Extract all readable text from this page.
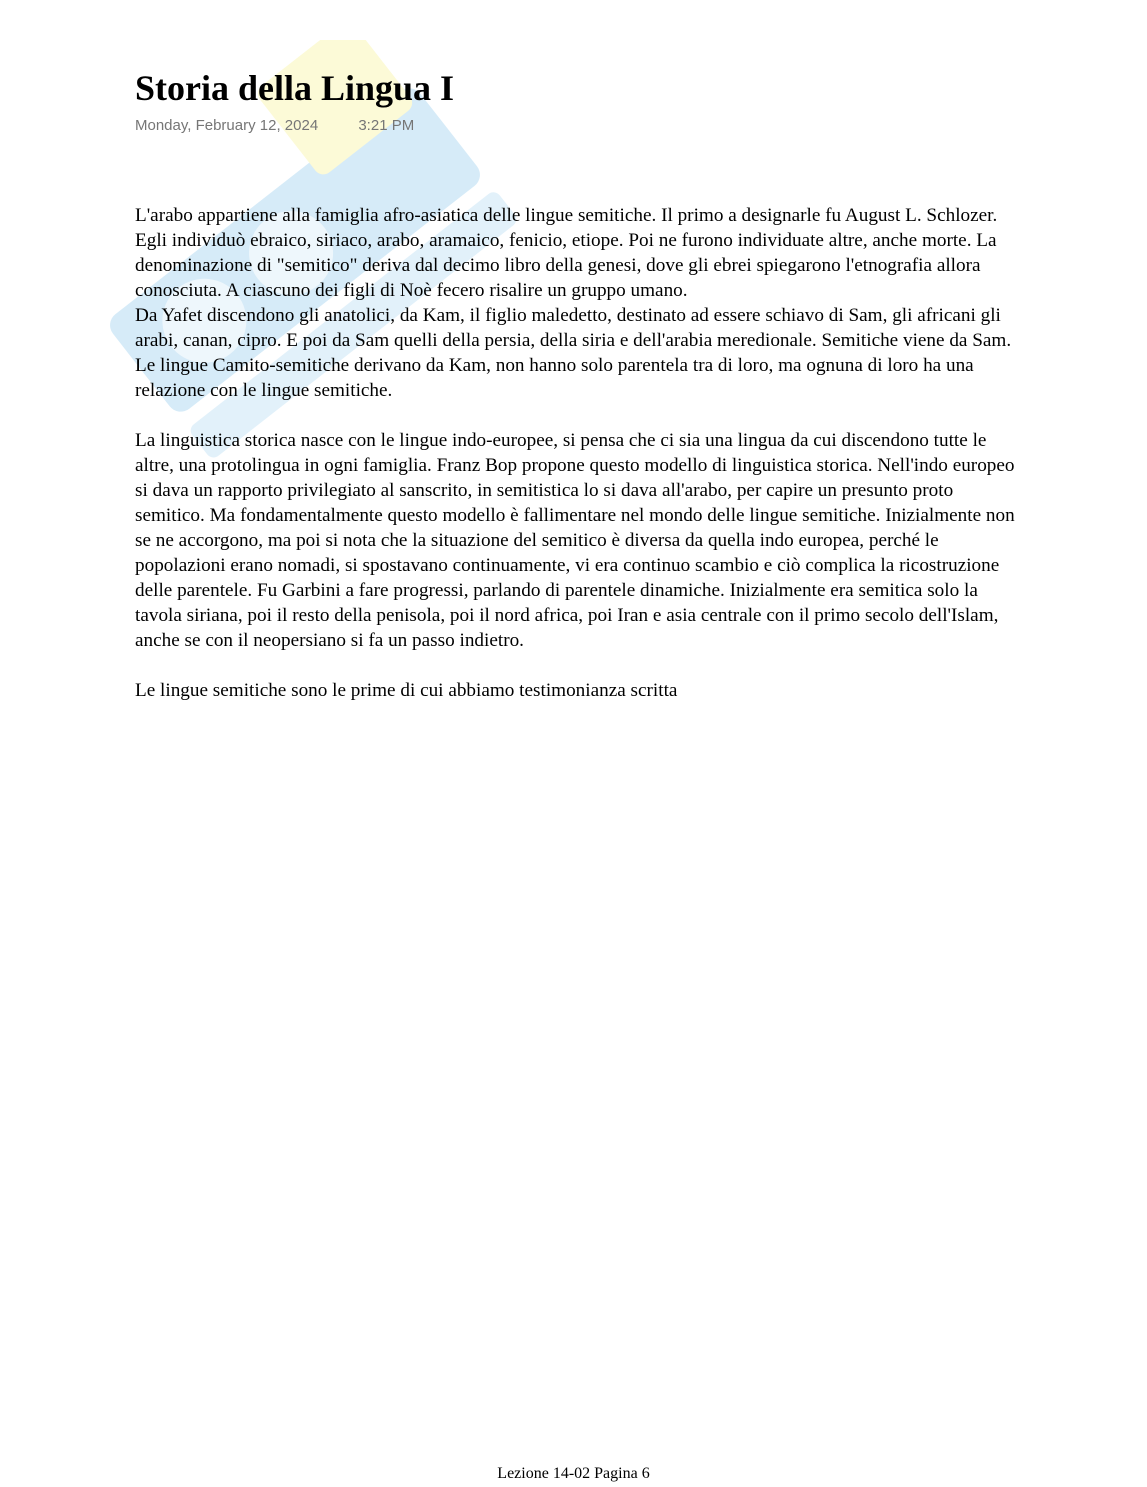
Storia della Lingua I
Monday, February 12, 2024	3:21 PM

L'arabo appartiene alla famiglia afro-asiatica delle lingue semitiche. Il primo a designarle fu August L. Schlozer. Egli individuò ebraico, siriaco, arabo, aramaico, fenicio, etiope. Poi ne furono individuate altre, anche morte. La denominazione di "semitico" deriva dal decimo libro della genesi, dove gli ebrei spiegarono l'etnografia allora conosciuta. A ciascuno dei figli di Noè fecero risalire un gruppo umano.

Da Yafet discendono gli anatolici, da Kam, il figlio maledetto, destinato ad essere schiavo di Sam, gli africani gli arabi, canan, cipro. E poi da Sam quelli della persia, della siria e dell'arabia meredionale. Semitiche viene da Sam. Le lingue Camito-semitiche derivano da Kam, non hanno solo parentela tra di loro, ma ognuna di loro ha una relazione con le lingue semitiche.

La linguistica storica nasce con le lingue indo-europee, si pensa che ci sia una lingua da cui discendono tutte le altre, una protolingua in ogni famiglia. Franz Bop propone questo modello di linguistica storica. Nell'indo europeo si dava un rapporto privilegiato al sanscrito, in semitistica lo si dava all'arabo, per capire un presunto proto semitico. Ma fondamentalmente questo modello è fallimentare nel mondo delle lingue semitiche. Inizialmente non se ne accorgono, ma poi si nota che la situazione del semitico è diversa da quella indo europea, perché le popolazioni erano nomadi, si spostavano continuamente, vi era continuo scambio e ciò complica la ricostruzione delle parentele. Fu Garbini a fare progressi, parlando di parentele dinamiche. Inizialmente era semitica solo la tavola siriana, poi il resto della penisola, poi il nord africa, poi Iran e asia centrale con il primo secolo dell'Islam, anche se con il neopersiano si fa un passo indietro.

Le lingue semitiche sono le prime di cui abbiamo testimonianza scritta

Lezione 14-02 Pagina 6
